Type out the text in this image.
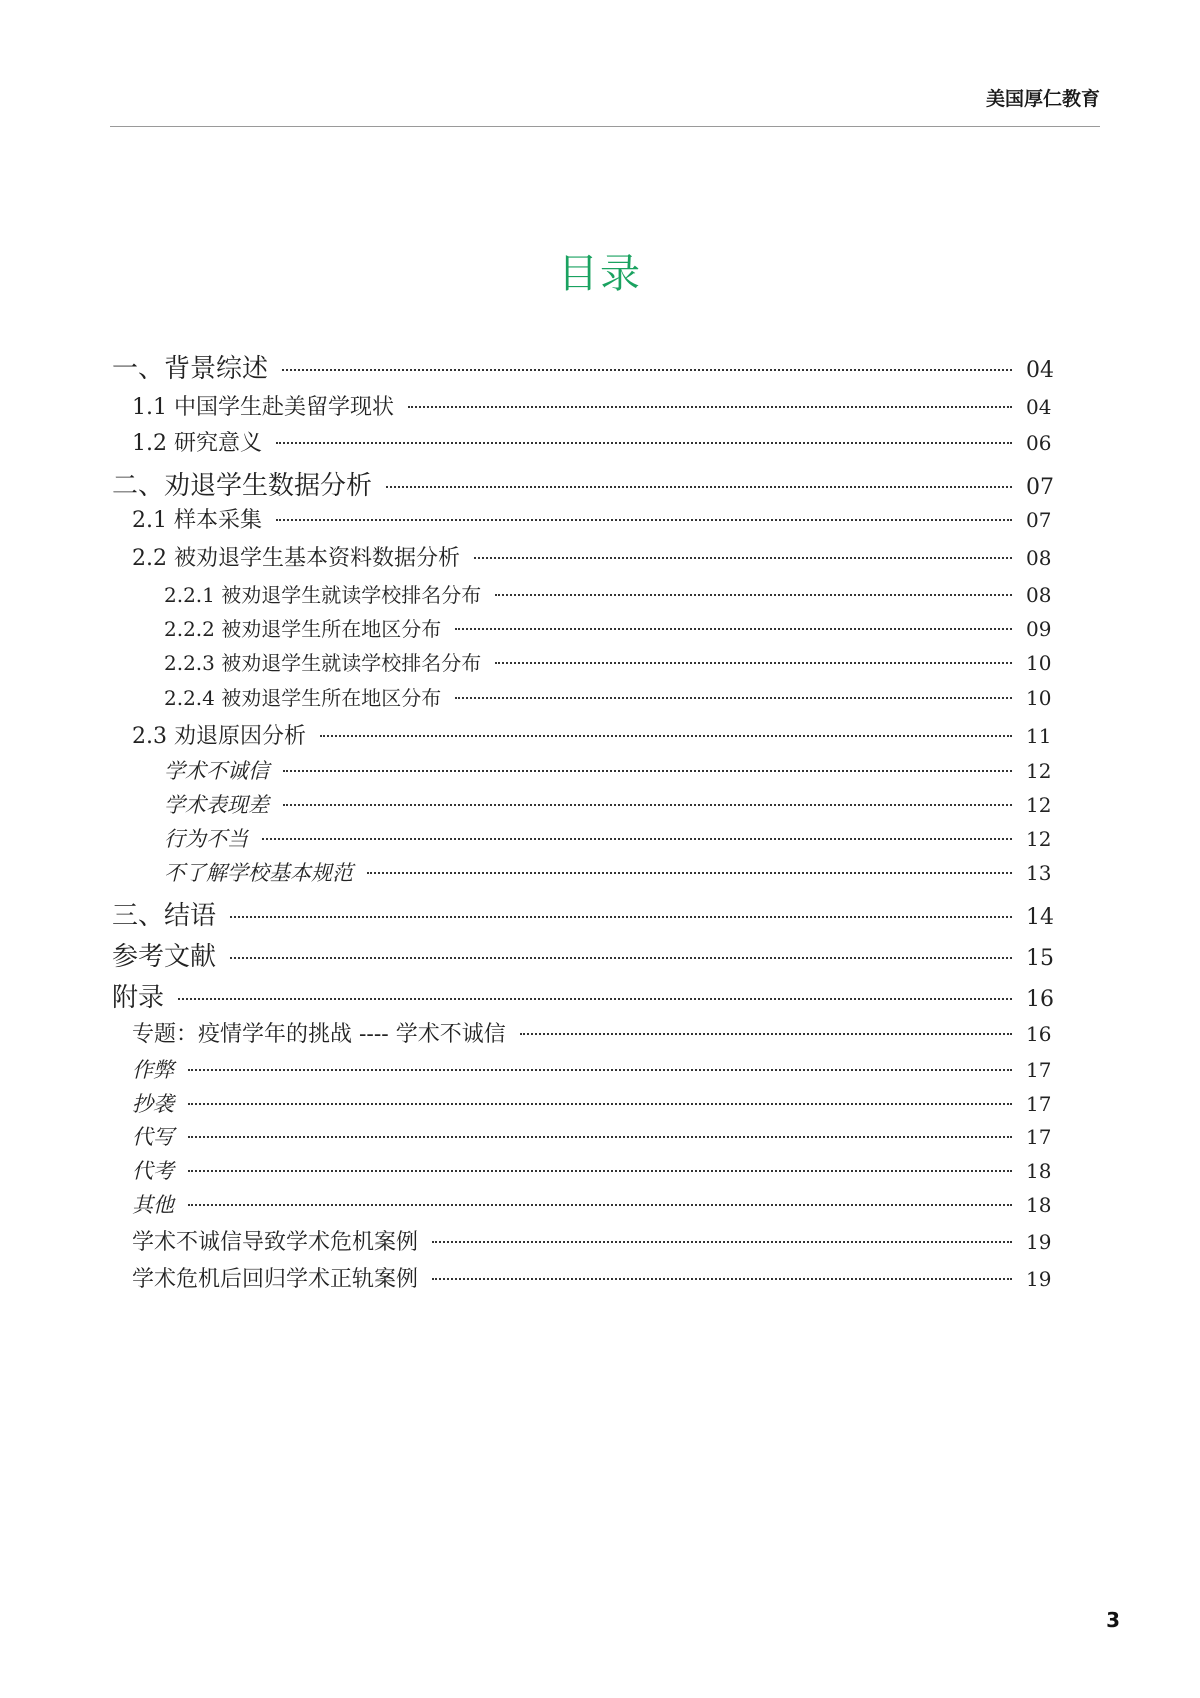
美国厚仁教育
目录
一、背景综述	04
1.1 中国学生赴美留学现状	04
1.2 研究意义	06
二、劝退学生数据分析	07
2.1 样本采集	07
2.2 被劝退学生基本资料数据分析	08
2.2.1 被劝退学生就读学校排名分布	08
2.2.2 被劝退学生所在地区分布	09
2.2.3 被劝退学生就读学校排名分布	10
2.2.4 被劝退学生所在地区分布	10
2.3 劝退原因分析	11
学术不诚信	12
学术表现差	12
行为不当	12
不了解学校基本规范	13
三、结语	14
参考文献	15
附录	16
专题：疫情学年的挑战 ---- 学术不诚信	16
作弊	17
抄袭	17
代写	17
代考	18
其他	18
学术不诚信导致学术危机案例	19
学术危机后回归学术正轨案例	19
3
